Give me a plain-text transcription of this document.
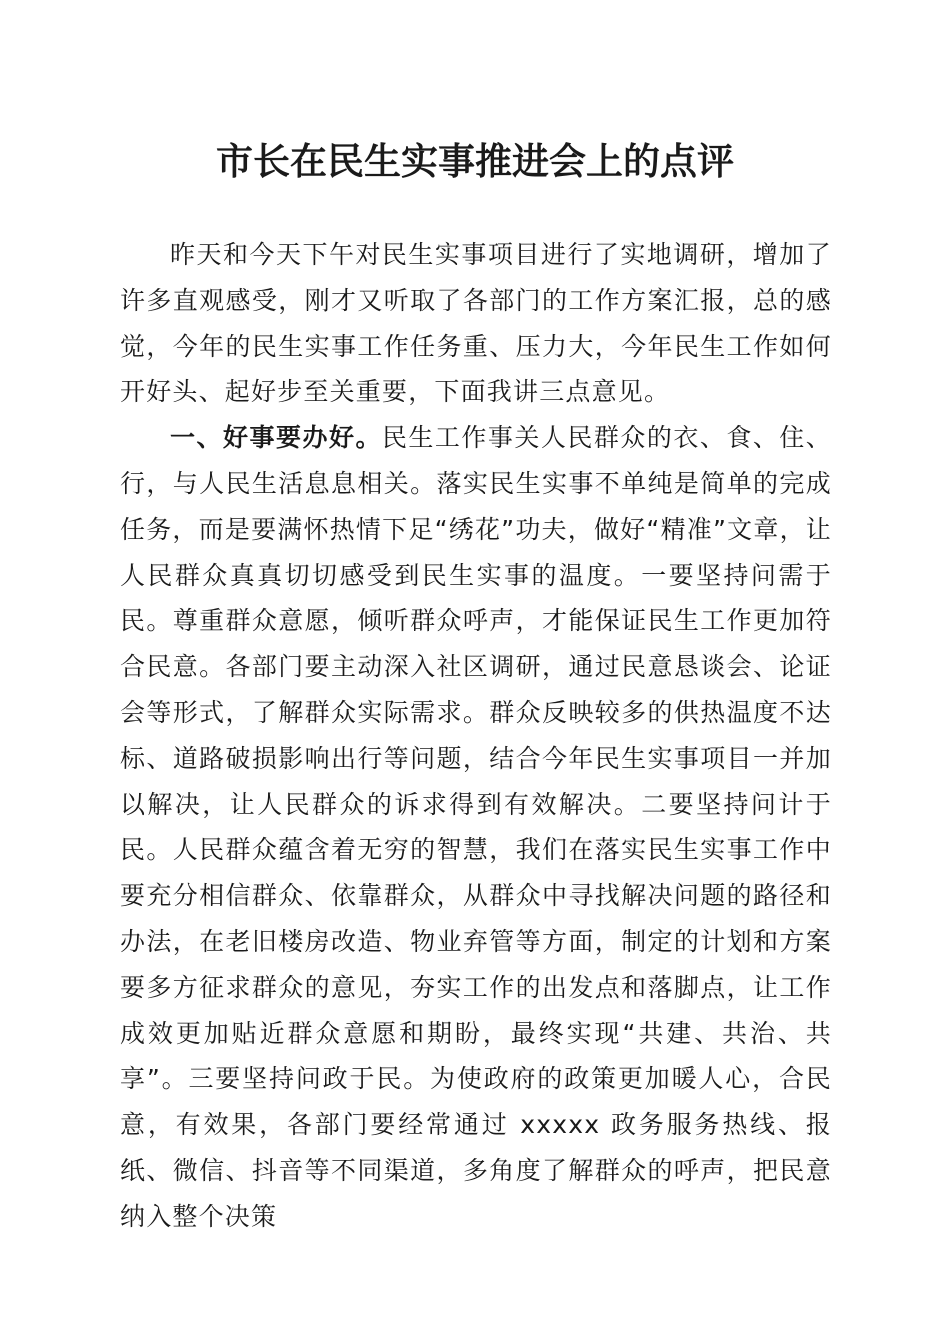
市长在民生实事推进会上的点评

昨天和今天下午对民生实事项目进行了实地调研，增加了许多直观感受，刚才又听取了各部门的工作方案汇报，总的感觉，今年的民生实事工作任务重、压力大，今年民生工作如何开好头、起好步至关重要，下面我讲三点意见。

一、好事要办好。民生工作事关人民群众的衣、食、住、行，与人民生活息息相关。落实民生实事不单纯是简单的完成任务，而是要满怀热情下足“绣花”功夫，做好“精准”文章，让人民群众真真切切感受到民生实事的温度。一要坚持问需于民。尊重群众意愿，倾听群众呼声，才能保证民生工作更加符合民意。各部门要主动深入社区调研，通过民意恳谈会、论证会等形式，了解群众实际需求。群众反映较多的供热温度不达标、道路破损影响出行等问题，结合今年民生实事项目一并加以解决，让人民群众的诉求得到有效解决。二要坚持问计于民。人民群众蕴含着无穷的智慧，我们在落实民生实事工作中要充分相信群众、依靠群众，从群众中寻找解决问题的路径和办法，在老旧楼房改造、物业弃管等方面，制定的计划和方案要多方征求群众的意见，夯实工作的出发点和落脚点，让工作成效更加贴近群众意愿和期盼，最终实现“共建、共治、共享”。三要坚持问政于民。为使政府的政策更加暖人心，合民意，有效果，各部门要经常通过 xxxxx 政务服务热线、报纸、微信、抖音等不同渠道，多角度了解群众的呼声，把民意纳入整个决策
